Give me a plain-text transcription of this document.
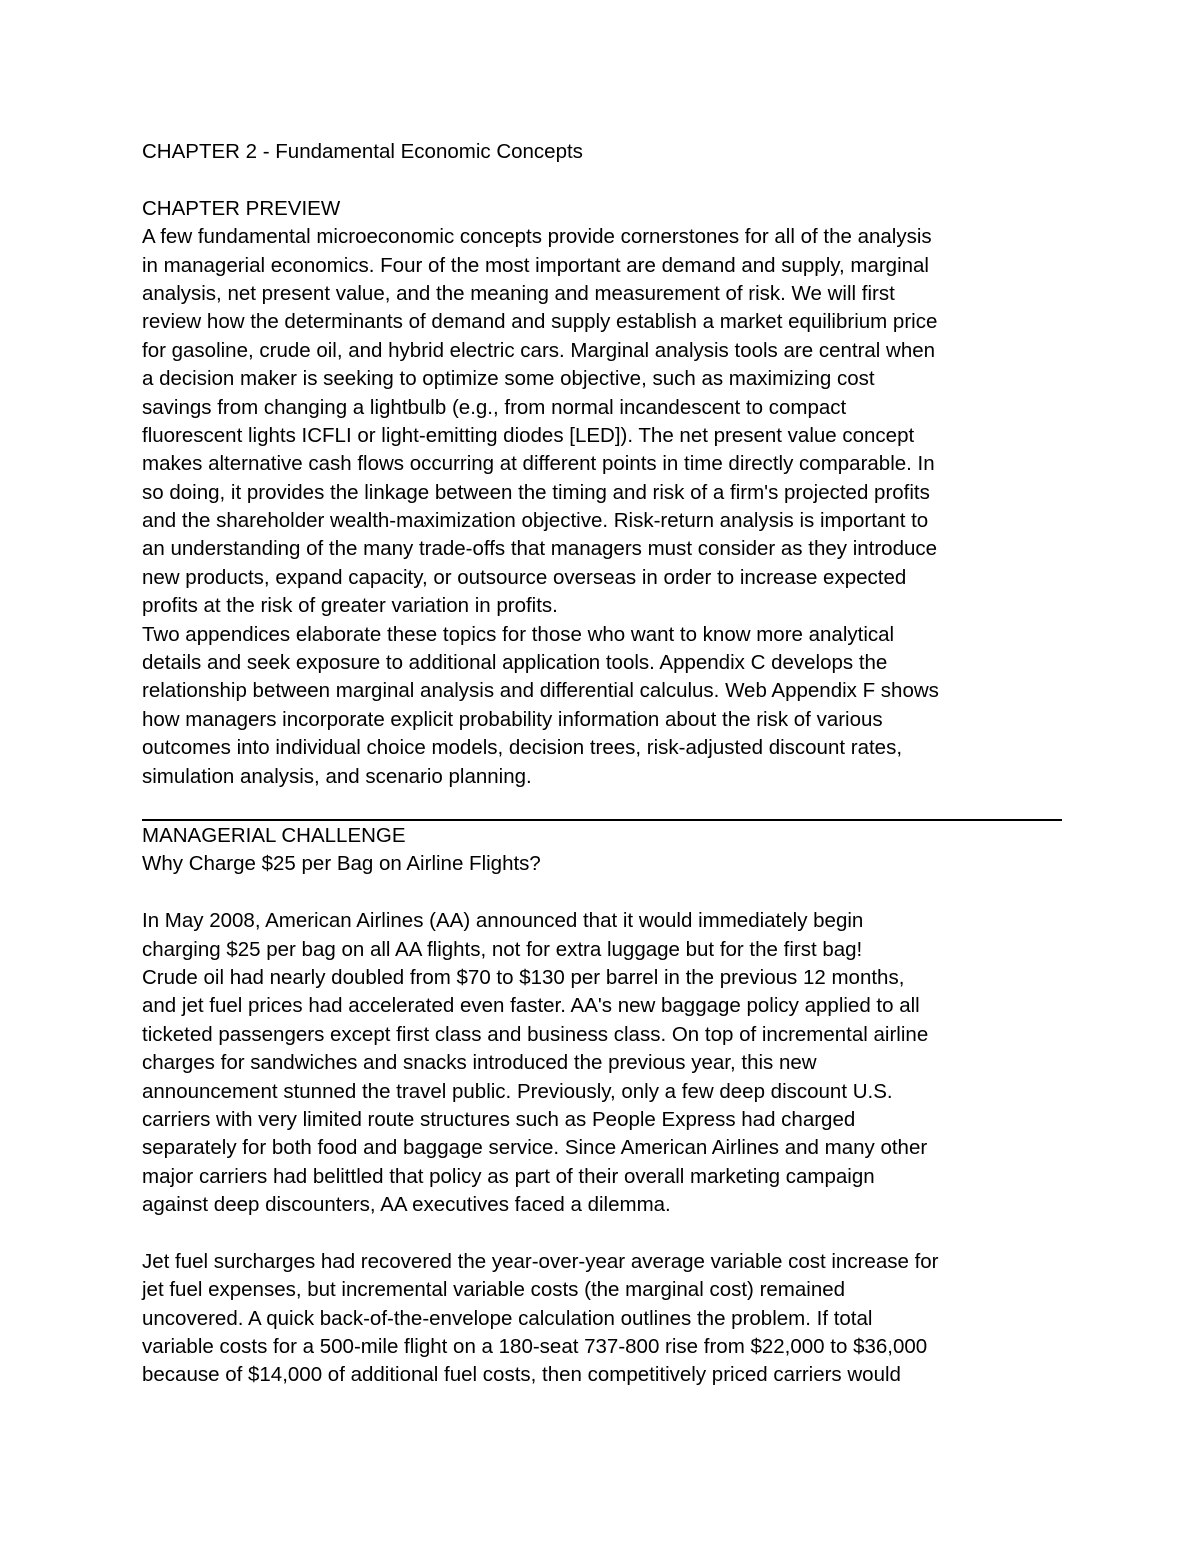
CHAPTER 2 - Fundamental Economic Concepts
CHAPTER PREVIEW
A few fundamental microeconomic concepts provide cornerstones for all of the analysis
in managerial economics. Four of the most important are demand and supply, marginal
analysis, net present value, and the meaning and measurement of risk. We will first
review how the determinants of demand and supply establish a market equilibrium price
for gasoline, crude oil, and hybrid electric cars. Marginal analysis tools are central when
a decision maker is seeking to optimize some objective, such as maximizing cost
savings from changing a lightbulb (e.g., from normal incandescent to compact
fluorescent lights ICFLI or light-emitting diodes [LED]). The net present value concept
makes alternative cash flows occurring at different points in time directly comparable. In
so doing, it provides the linkage between the timing and risk of a firm's projected profits
and the shareholder wealth-maximization objective. Risk-return analysis is important to
an understanding of the many trade-offs that managers must consider as they introduce
new products, expand capacity, or outsource overseas in order to increase expected
profits at the risk of greater variation in profits.
Two appendices elaborate these topics for those who want to know more analytical
details and seek exposure to additional application tools. Appendix C develops the
relationship between marginal analysis and differential calculus. Web Appendix F shows
how managers incorporate explicit probability information about the risk of various
outcomes into individual choice models, decision trees, risk-adjusted discount rates,
simulation analysis, and scenario planning.
MANAGERIAL CHALLENGE
Why Charge $25 per Bag on Airline Flights?
In May 2008, American Airlines (AA) announced that it would immediately begin
charging $25 per bag on all AA flights, not for extra luggage but for the first bag!
Crude oil had nearly doubled from $70 to $130 per barrel in the previous 12 months,
and jet fuel prices had accelerated even faster. AA's new baggage policy applied to all
ticketed passengers except first class and business class. On top of incremental airline
charges for sandwiches and snacks introduced the previous year, this new
announcement stunned the travel public. Previously, only a few deep discount U.S.
carriers with very limited route structures such as People Express had charged
separately for both food and baggage service. Since American Airlines and many other
major carriers had belittled that policy as part of their overall marketing campaign
against deep discounters, AA executives faced a dilemma.
Jet fuel surcharges had recovered the year-over-year average variable cost increase for
jet fuel expenses, but incremental variable costs (the marginal cost) remained
uncovered. A quick back-of-the-envelope calculation outlines the problem. If total
variable costs for a 500-mile flight on a 180-seat 737-800 rise from $22,000 to $36,000
because of $14,000 of additional fuel costs, then competitively priced carriers would
